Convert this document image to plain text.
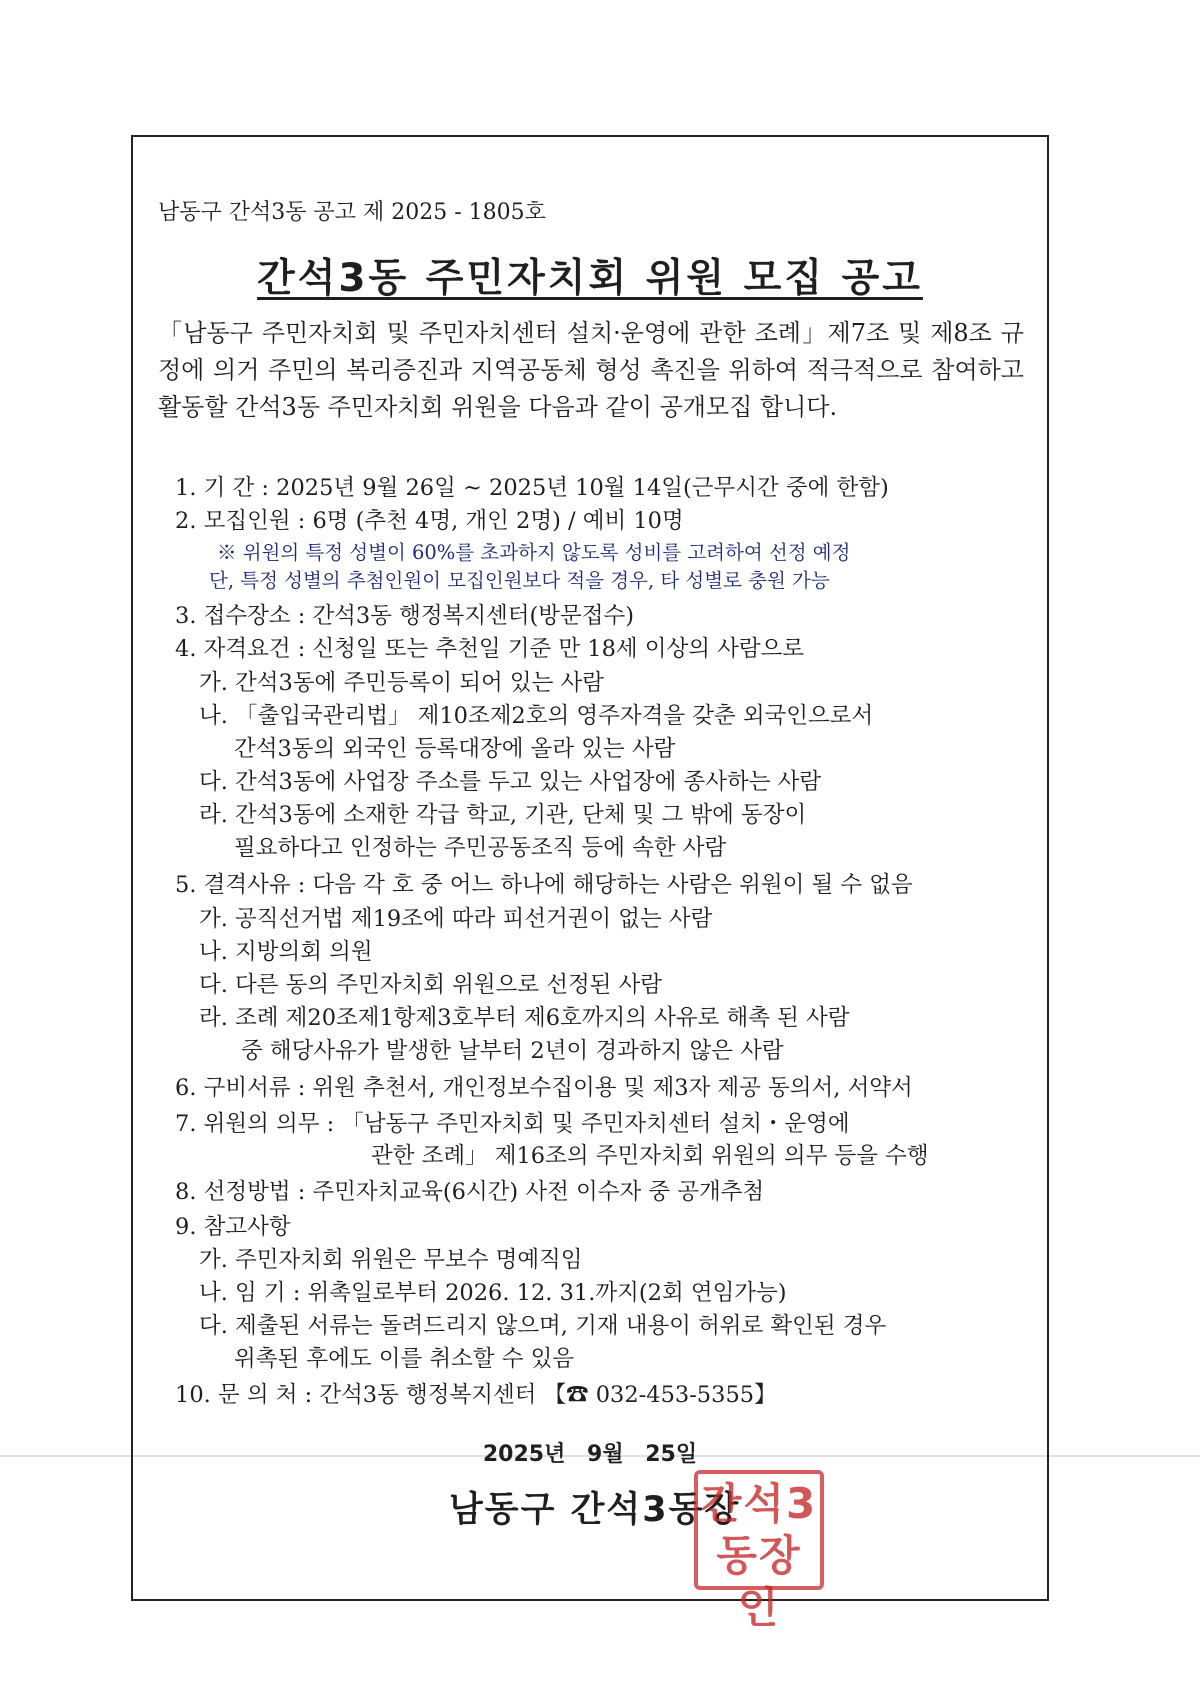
남동구 간석3동 공고 제 2025 - 1805호
간석3동 주민자치회 위원 모집 공고
「남동구 주민자치회 및 주민자치센터 설치·운영에 관한 조례」제7조 및 제8조 규정에 의거 주민의 복리증진과 지역공동체 형성 촉진을 위하여 적극적으로 참여하고 활동할 간석3동 주민자치회 위원을 다음과 같이 공개모집 합니다.
1. 기 간 : 2025년 9월 26일 ~ 2025년 10월 14일(근무시간 중에 한함)
2. 모집인원 : 6명 (추천 4명, 개인 2명) / 예비 10명
※ 위원의 특정 성별이 60%를 초과하지 않도록 성비를 고려하여 선정 예정
단, 특정 성별의 추첨인원이 모집인원보다 적을 경우, 타 성별로 충원 가능
3. 접수장소 : 간석3동 행정복지센터(방문접수)
4. 자격요건 : 신청일 또는 추천일 기준 만 18세 이상의 사람으로
가. 간석3동에 주민등록이 되어 있는 사람
나. 「출입국관리법」 제10조제2호의 영주자격을 갖춘 외국인으로서
간석3동의 외국인 등록대장에 올라 있는 사람
다. 간석3동에 사업장 주소를 두고 있는 사업장에 종사하는 사람
라. 간석3동에 소재한 각급 학교, 기관, 단체 및 그 밖에 동장이
필요하다고 인정하는 주민공동조직 등에 속한 사람
5. 결격사유 : 다음 각 호 중 어느 하나에 해당하는 사람은 위원이 될 수 없음
가. 공직선거법 제19조에 따라 피선거권이 없는 사람
나. 지방의회 의원
다. 다른 동의 주민자치회 위원으로 선정된 사람
라. 조례 제20조제1항제3호부터 제6호까지의 사유로 해촉 된 사람
중 해당사유가 발생한 날부터 2년이 경과하지 않은 사람
6. 구비서류 : 위원 추천서, 개인정보수집이용 및 제3자 제공 동의서, 서약서
7. 위원의 의무 : 「남동구 주민자치회 및 주민자치센터 설치・운영에
관한 조례」 제16조의 주민자치회 위원의 의무 등을 수행
8. 선정방법 : 주민자치교육(6시간) 사전 이수자 중 공개추첨
9. 참고사항
가. 주민자치회 위원은 무보수 명예직임
나. 임 기 : 위촉일로부터 2026. 12. 31.까지(2회 연임가능)
다. 제출된 서류는 돌려드리지 않으며, 기재 내용이 허위로 확인된 경우
위촉된 후에도 이를 취소할 수 있음
10. 문 의 처 : 간석3동 행정복지센터 【☎ 032-453-5355】
2025년 9월 25일
남동구 간석3동장
간석3
동장인
